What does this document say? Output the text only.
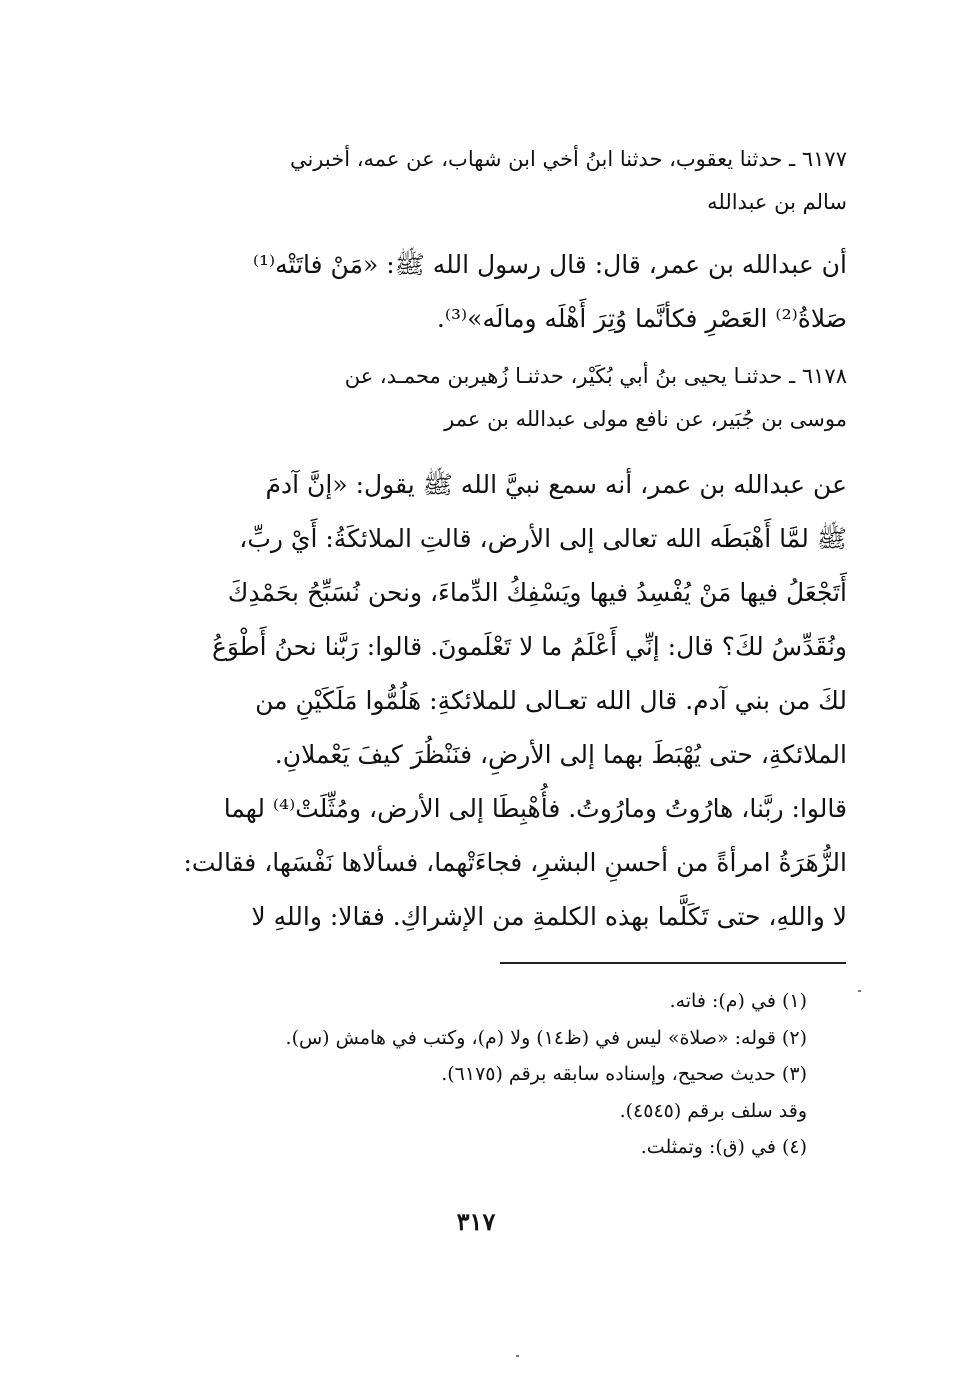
٦١٧٧ ـ حدثنا يعقوب، حدثنا ابنُ أخي ابن شهاب، عن عمه، أخبرني
سالم بن عبدالله
أن عبدالله بن عمر، قال: قال رسول الله ﷺ: «مَنْ فاتَتْه⁽¹⁾
صَلاةُ⁽²⁾ العَصْرِ فكأنَّما وُتِرَ أَهْلَه ومالَه»⁽³⁾.
٦١٧٨ ـ حدثنـا يحيى بنُ أبي بُكَيْر، حدثنـا زُهيربن محمـد، عن
موسى بن جُبَير، عن نافع مولى عبدالله بن عمر
عن عبدالله بن عمر، أنه سمع نبيَّ الله ﷺ يقول: «إنَّ آدمَ
ﷺ لمَّا أَهْبَطَه الله تعالى إلى الأرض، قالتِ الملائكَةُ: أَيْ ربِّ،
أَتَجْعَلُ فيها مَنْ يُفْسِدُ فيها ويَسْفِكُ الدِّماءَ، ونحن نُسَبِّحُ بحَمْدِكَ
ونُقَدِّسُ لكَ؟ قال: إنِّي أَعْلَمُ ما لا تَعْلَمونَ. قالوا: رَبَّنا نحنُ أَطْوَعُ
لكَ من بني آدم. قال الله تعـالى للملائكةِ: هَلُمُّوا مَلَكَيْنِ من
الملائكةِ، حتى يُهْبَطَ بهما إلى الأرضِ، فنَنْظُرَ كيفَ يَعْملانِ.
قالوا: ربَّنا، هارُوتُ ومارُوتُ. فأُهْبِطَا إلى الأرض، ومُثِّلَتْ⁽⁴⁾ لهما
الزُّهَرَةُ امرأةً من أحسنِ البشرِ، فجاءَتْهما، فسألاها نَفْسَها، فقالت:
لا واللهِ، حتى تَكَلَّما بهذه الكلمةِ من الإشراكِ. فقالا: واللهِ لا
(١) في (م): فاته.
(٢) قوله: «صلاة» ليس في (ظ١٤) ولا (م)، وكتب في هامش (س).
(٣) حديث صحيح، وإسناده سابقه برقم (٦١٧٥).
وقد سلف برقم (٤٥٤٥).
(٤) في (ق): وتمثلت.
٣١٧
